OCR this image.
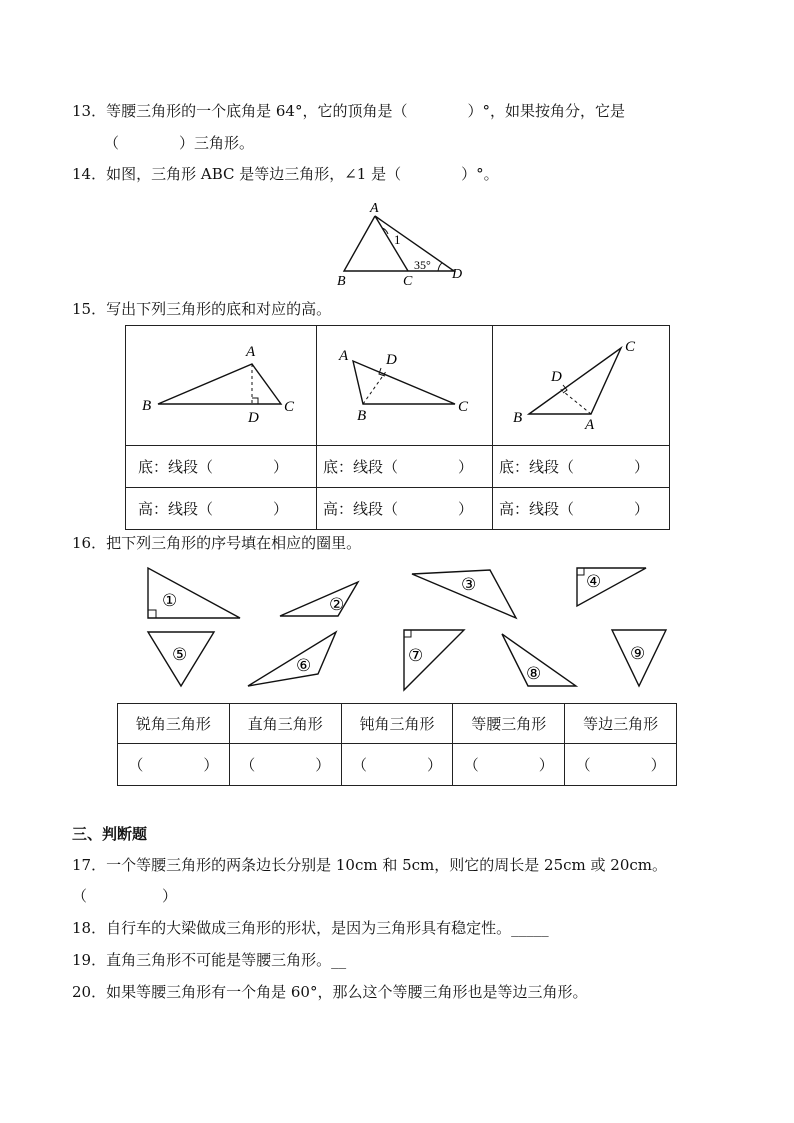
13．等腰三角形的一个底角是 64°，它的顶角是（　　　　）°，如果按角分，它是
（　　　　）三角形。
14．如图，三角形 ABC 是等边三角形，∠1 是（　　　　）°。
A
B	C	D
1
35°
15．写出下列三角形的底和对应的高。
A
B C
D	A D
B
C	C
D
B A

底：线段（　　　　）	底：线段（　　　　）	底：线段（　　　　）
高：线段（　　　　）	高：线段（　　　　）	高：线段（　　　　）
16．把下列三角形的序号填在相应的圈里。
①	②
③	④
⑤
⑥
⑦
⑧
⑨
锐角三角形	直角三角形	钝角三角形	等腰三角形	等边三角形
（　　　　）	（　　　　）	（　　　　）	（　　　　）	（　　　　）
三、判断题
17．一个等腰三角形的两条边长分别是 10cm 和 5cm，则它的周长是 25cm 或 20cm。
（　　　　　）
18．自行车的大梁做成三角形的形状，是因为三角形具有稳定性。_____
19．直角三角形不可能是等腰三角形。__
20．如果等腰三角形有一个角是 60°，那么这个等腰三角形也是等边三角形。
